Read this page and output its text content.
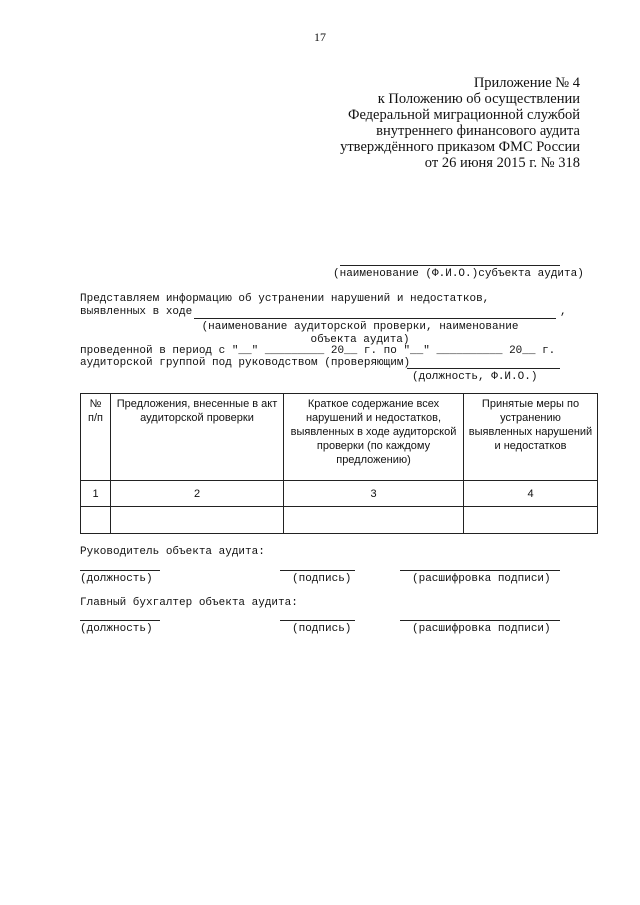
17
Приложение № 4
к Положению об осуществлении
Федеральной миграционной службой
внутреннего финансового аудита
утверждённого приказом ФМС России
от 26 июня 2015 г. № 318
(наименование (Ф.И.О.)субъекта аудита)
Представляем информацию об устранении нарушений и недостатков,
выявленных в ходе	,
(наименование аудиторской проверки, наименование
объекта аудита)
проведенной в период с "__" _________ 20__ г. по "__" __________ 20__ г.
аудиторской группой под руководством (проверяющим)
(должность, Ф.И.О.)
№ п/п	Предложения, внесенные в акт аудиторской проверки	Краткое содержание всех нарушений и недостатков, выявленных в ходе аудиторской проверки (по каждому предложению)	Принятые меры по устранению выявленных нарушений и недостатков
1	2	3	4

Руководитель объекта аудита:
(должность)	(подпись)	(расшифровка подписи)
Главный бухгалтер объекта аудита:
(должность)	(подпись)	(расшифровка подписи)
